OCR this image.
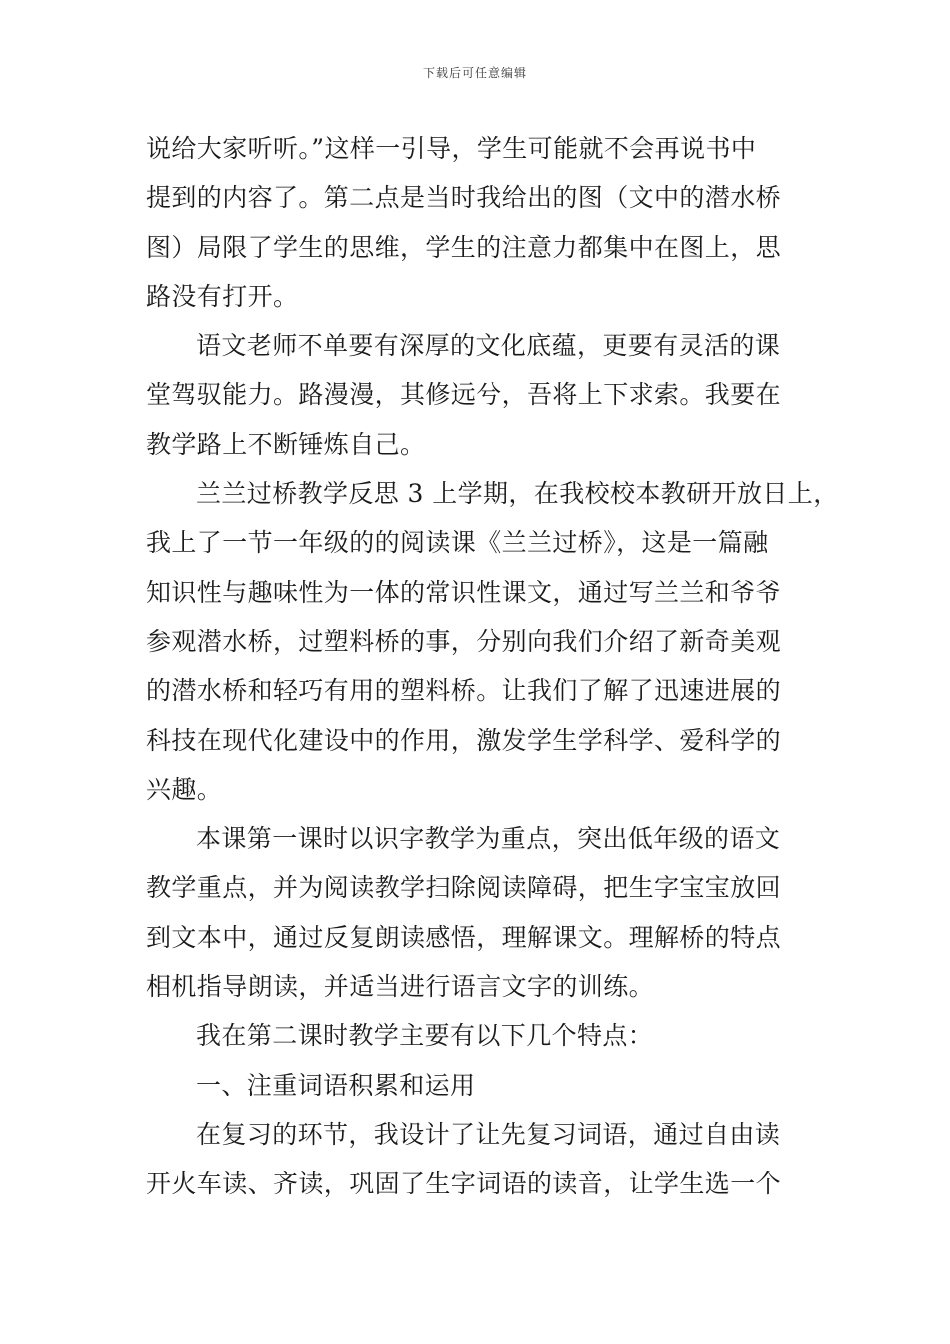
下载后可任意编辑
说给大家听听。”这样一引导，学生可能就不会再说书中
提到的内容了。第二点是当时我给出的图（文中的潜水桥
图）局限了学生的思维，学生的注意力都集中在图上，思
路没有打开。
语文老师不单要有深厚的文化底蕴，更要有灵活的课
堂驾驭能力。路漫漫，其修远兮，吾将上下求索。我要在
教学路上不断锤炼自己。
兰兰过桥教学反思 3 上学期，在我校校本教研开放日上，
我上了一节一年级的的阅读课《兰兰过桥》，这是一篇融
知识性与趣味性为一体的常识性课文，通过写兰兰和爷爷
参观潜水桥，过塑料桥的事，分别向我们介绍了新奇美观
的潜水桥和轻巧有用的塑料桥。让我们了解了迅速进展的
科技在现代化建设中的作用，激发学生学科学、爱科学的
兴趣。
本课第一课时以识字教学为重点，突出低年级的语文
教学重点，并为阅读教学扫除阅读障碍，把生字宝宝放回
到文本中，通过反复朗读感悟，理解课文。理解桥的特点
相机指导朗读，并适当进行语言文字的训练。
我在第二课时教学主要有以下几个特点：
一、注重词语积累和运用
在复习的环节，我设计了让先复习词语，通过自由读
开火车读、齐读，巩固了生字词语的读音，让学生选一个
